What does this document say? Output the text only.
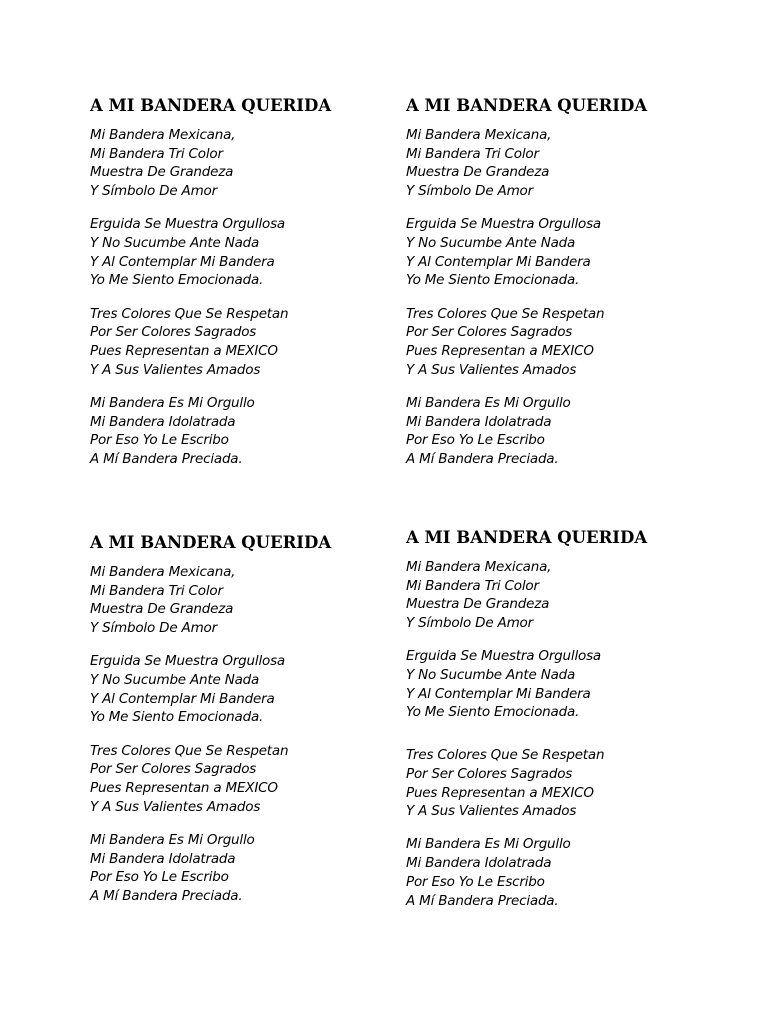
A MI BANDERA QUERIDA
Mi Bandera Mexicana,
Mi Bandera Tri Color
Muestra De Grandeza
Y Símbolo De Amor
Erguida Se Muestra Orgullosa
Y No Sucumbe Ante Nada
Y Al Contemplar Mi Bandera
Yo Me Siento Emocionada.
Tres Colores Que Se Respetan
Por Ser Colores Sagrados
Pues Representan a MEXICO
Y A Sus Valientes Amados
Mi Bandera Es Mi Orgullo
Mi Bandera Idolatrada
Por Eso Yo Le Escribo
A Mí Bandera Preciada.
A MI BANDERA QUERIDA
Mi Bandera Mexicana,
Mi Bandera Tri Color
Muestra De Grandeza
Y Símbolo De Amor
Erguida Se Muestra Orgullosa
Y No Sucumbe Ante Nada
Y Al Contemplar Mi Bandera
Yo Me Siento Emocionada.
Tres Colores Que Se Respetan
Por Ser Colores Sagrados
Pues Representan a MEXICO
Y A Sus Valientes Amados
Mi Bandera Es Mi Orgullo
Mi Bandera Idolatrada
Por Eso Yo Le Escribo
A Mí Bandera Preciada.
A MI BANDERA QUERIDA
Mi Bandera Mexicana,
Mi Bandera Tri Color
Muestra De Grandeza
Y Símbolo De Amor
Erguida Se Muestra Orgullosa
Y No Sucumbe Ante Nada
Y Al Contemplar Mi Bandera
Yo Me Siento Emocionada.
Tres Colores Que Se Respetan
Por Ser Colores Sagrados
Pues Representan a MEXICO
Y A Sus Valientes Amados
Mi Bandera Es Mi Orgullo
Mi Bandera Idolatrada
Por Eso Yo Le Escribo
A Mí Bandera Preciada.
A MI BANDERA QUERIDA
Mi Bandera Mexicana,
Mi Bandera Tri Color
Muestra De Grandeza
Y Símbolo De Amor
Erguida Se Muestra Orgullosa
Y No Sucumbe Ante Nada
Y Al Contemplar Mi Bandera
Yo Me Siento Emocionada.
Tres Colores Que Se Respetan
Por Ser Colores Sagrados
Pues Representan a MEXICO
Y A Sus Valientes Amados
Mi Bandera Es Mi Orgullo
Mi Bandera Idolatrada
Por Eso Yo Le Escribo
A Mí Bandera Preciada.
